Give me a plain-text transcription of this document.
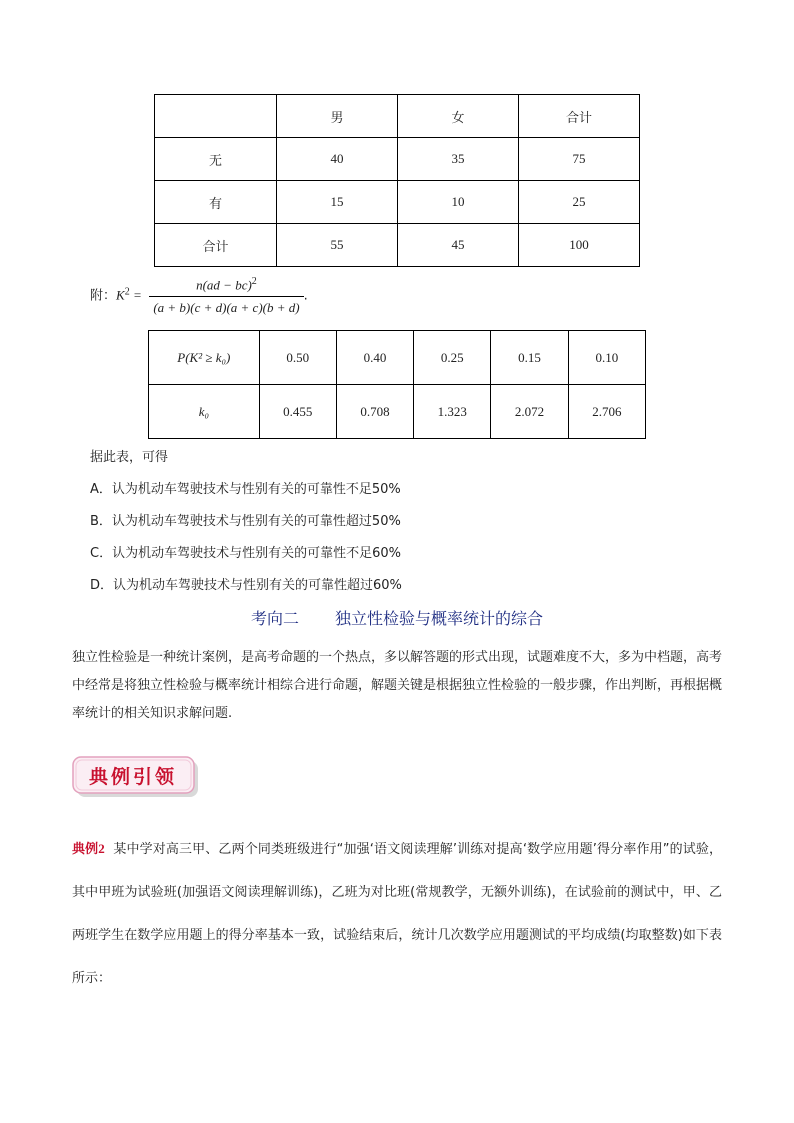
	男	女	合计
无	40	35	75
有	15	10	25
合计	55	45	100
附：$K^2 = \frac{n(ad - bc)^2}{(a + b)(c + d)(a + c)(b + d)}$ .
P(K² ≥ k₀)	0.50	0.40	0.25	0.15	0.10
k₀	0.455	0.708	1.323	2.072	2.706
据此表，可得
A．认为机动车驾驶技术与性别有关的可靠性不足50%
B．认为机动车驾驶技术与性别有关的可靠性超过50%
C．认为机动车驾驶技术与性别有关的可靠性不足60%
D．认为机动车驾驶技术与性别有关的可靠性超过60%
考向二 独立性检验与概率统计的综合
独立性检验是一种统计案例，是高考命题的一个热点，多以解答题的形式出现，试题难度不大，多为中档题，高考中经常是将独立性检验与概率统计相综合进行命题，解题关键是根据独立性检验的一般步骤，作出判断，再根据概率统计的相关知识求解问题.
典例引领
典例2 某中学对高三甲、乙两个同类班级进行“加强‘语文阅读理解’训练对提高‘数学应用题’得分率作用”的试验，其中甲班为试验班(加强语文阅读理解训练)，乙班为对比班(常规教学，无额外训练)，在试验前的测试中，甲、乙两班学生在数学应用题上的得分率基本一致，试验结束后，统计几次数学应用题测试的平均成绩(均取整数)如下表所示：
